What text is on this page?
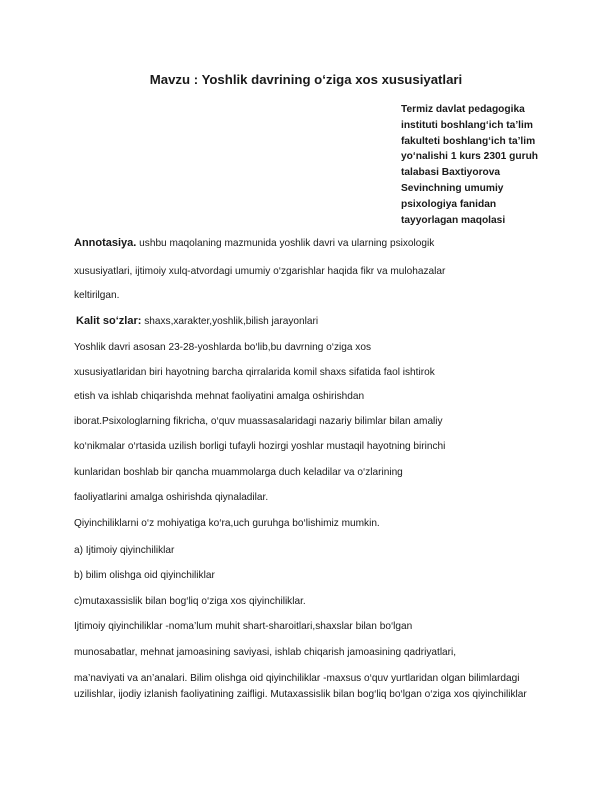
Mavzu : Yoshlik davrining o‘ziga xos xususiyatlari
Termiz davlat pedagogika
instituti boshlang‘ich ta’lim
fakulteti boshlang‘ich ta’lim
yo‘nalishi 1 kurs 2301 guruh
talabasi Baxtiyorova
Sevinchning umumiy
psixologiya fanidan
tayyorlagan maqolasi
Annotasiya. ushbu maqolaning mazmunida yoshlik davri va ularning psixologik
xususiyatlari, ijtimoiy xulq-atvordagi umumiy o‘zgarishlar haqida fikr va mulohazalar
keltirilgan.
Kalit so‘zlar: shaxs,xarakter,yoshlik,bilish jarayonlari
Yoshlik davri asosan 23-28-yoshlarda bo‘lib,bu davrning o‘ziga xos
xususiyatlaridan biri hayotning barcha qirralarida komil shaxs sifatida faol ishtirok
etish va ishlab chiqarishda mehnat faoliyatini amalga oshirishdan
iborat.Psixologlarning fikricha, o‘quv muassasalaridagi nazariy bilimlar bilan amaliy
ko‘nikmalar o‘rtasida uzilish borligi tufayli hozirgi yoshlar mustaqil hayotning birinchi
kunlaridan boshlab bir qancha muammolarga duch keladilar va o‘zlarining
faoliyatlarini amalga oshirishda qiynaladilar.
Qiyinchiliklarni o‘z mohiyatiga ko‘ra,uch guruhga bo‘lishimiz mumkin.
a) Ijtimoiy qiyinchiliklar
b) bilim olishga oid qiyinchiliklar
c)mutaxassislik bilan bog‘liq o‘ziga xos qiyinchiliklar.
Ijtimoiy qiyinchiliklar -noma’lum muhit shart-sharoitlari,shaxslar bilan bo‘lgan
munosabatlar, mehnat jamoasining saviyasi, ishlab chiqarish jamoasining qadriyatlari,
ma’naviyati va an’analari. Bilim olishga oid qiyinchiliklar -maxsus o‘quv yurtlaridan olgan bilimlardagi
uzilishlar, ijodiy izlanish faoliyatining zaifligi. Mutaxassislik bilan bog‘liq bo‘lgan o‘ziga xos qiyinchiliklar
